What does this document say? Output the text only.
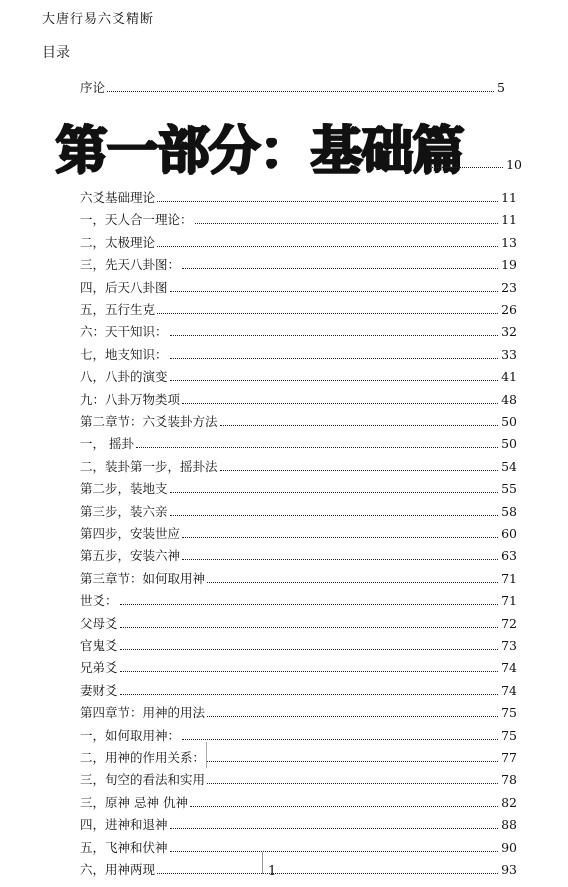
大唐行易六爻精断
目录
序论	5
第一部分：基础篇	10
六爻基础理论	11
一，天人合一理论：	11
二，太极理论	13
三，先天八卦图：	19
四，后天八卦图	23
五，五行生克	26
六：天干知识：	32
七，地支知识：	33
八，八卦的演变	41
九：八卦万物类项	48
第二章节：六爻装卦方法	50
一， 摇卦	50
二，装卦第一步，摇卦法	54
第二步，装地支	55
第三步，装六亲	58
第四步，安装世应	60
第五步，安装六神	63
第三章节：如何取用神	71
世爻：	71
父母爻	72
官鬼爻	73
兄弟爻	74
妻财爻	74
第四章节：用神的用法	75
一，如何取用神：	75
二，用神的作用关系：	77
三，旬空的看法和实用	78
三，原神 忌神 仇神	82
四，进神和退神	88
五，飞神和伏神	90
六，用神两现	93
1
